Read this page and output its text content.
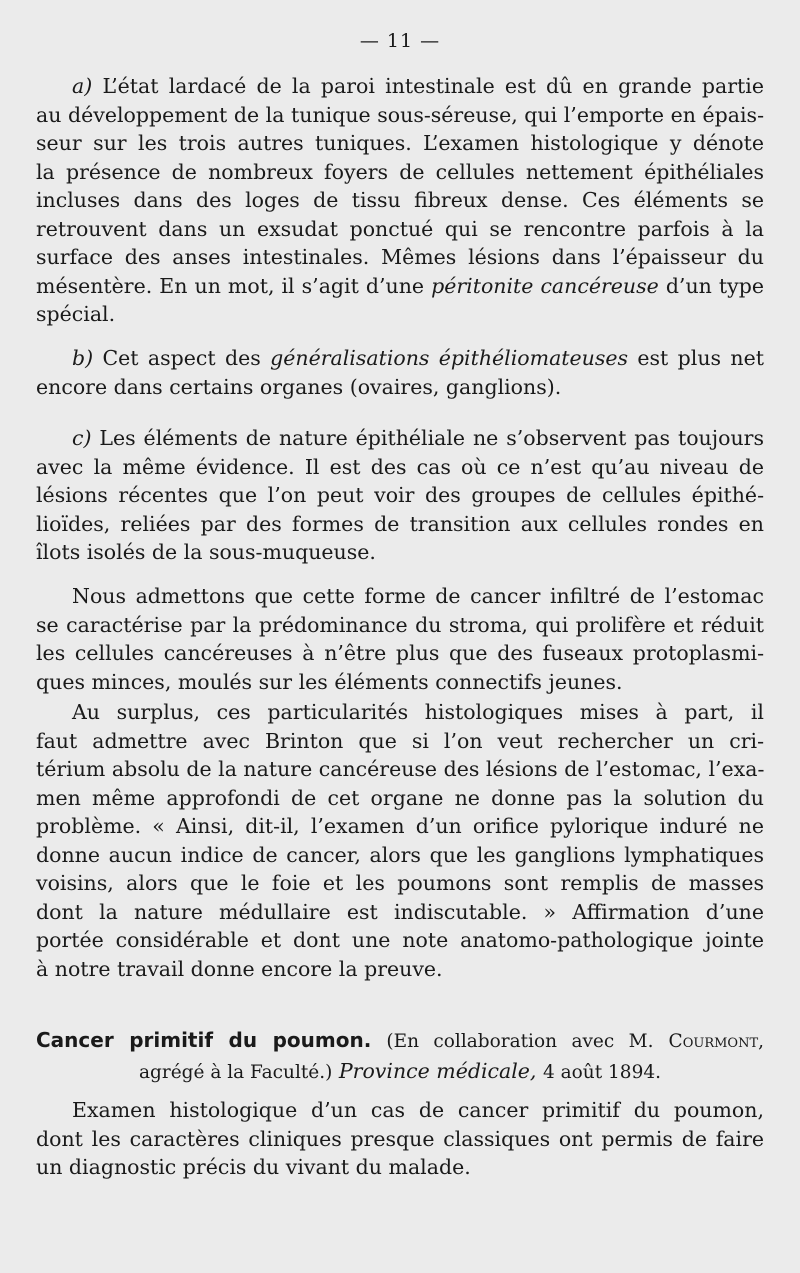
— 11 —
a) L’état lardacé de la paroi intestinale est dû en grande partie
au développement de la tunique sous-séreuse, qui l’emporte en épais-
seur sur les trois autres tuniques. L’examen histologique y dénote
la présence de nombreux foyers de cellules nettement épithéliales
incluses dans des loges de tissu fibreux dense. Ces éléments se
retrouvent dans un exsudat ponctué qui se rencontre parfois à la
surface des anses intestinales. Mêmes lésions dans l’épaisseur du
mésentère. En un mot, il s’agit d’une péritonite cancéreuse d’un type
spécial.
b) Cet aspect des généralisations épithéliomateuses est plus net
encore dans certains organes (ovaires, ganglions).
c) Les éléments de nature épithéliale ne s’observent pas toujours
avec la même évidence. Il est des cas où ce n’est qu’au niveau de
lésions récentes que l’on peut voir des groupes de cellules épithé-
lioïdes, reliées par des formes de transition aux cellules rondes en
îlots isolés de la sous-muqueuse.
Nous admettons que cette forme de cancer infiltré de l’estomac
se caractérise par la prédominance du stroma, qui prolifère et réduit
les cellules cancéreuses à n’être plus que des fuseaux protoplasmi-
ques minces, moulés sur les éléments connectifs jeunes.
Au surplus, ces particularités histologiques mises à part, il
faut admettre avec Brinton que si l’on veut rechercher un cri-
térium absolu de la nature cancéreuse des lésions de l’estomac, l’exa-
men même approfondi de cet organe ne donne pas la solution du
problème. « Ainsi, dit-il, l’examen d’un orifice pylorique induré ne
donne aucun indice de cancer, alors que les ganglions lymphatiques
voisins, alors que le foie et les poumons sont remplis de masses
dont la nature médullaire est indiscutable. » Affirmation d’une
portée considérable et dont une note anatomo-pathologique jointe
à notre travail donne encore la preuve.
Cancer primitif du poumon. (En collaboration avec M. Courmont,
agrégé à la Faculté.) Province médicale, 4 août 1894.
Examen histologique d’un cas de cancer primitif du poumon,
dont les caractères cliniques presque classiques ont permis de faire
un diagnostic précis du vivant du malade.
